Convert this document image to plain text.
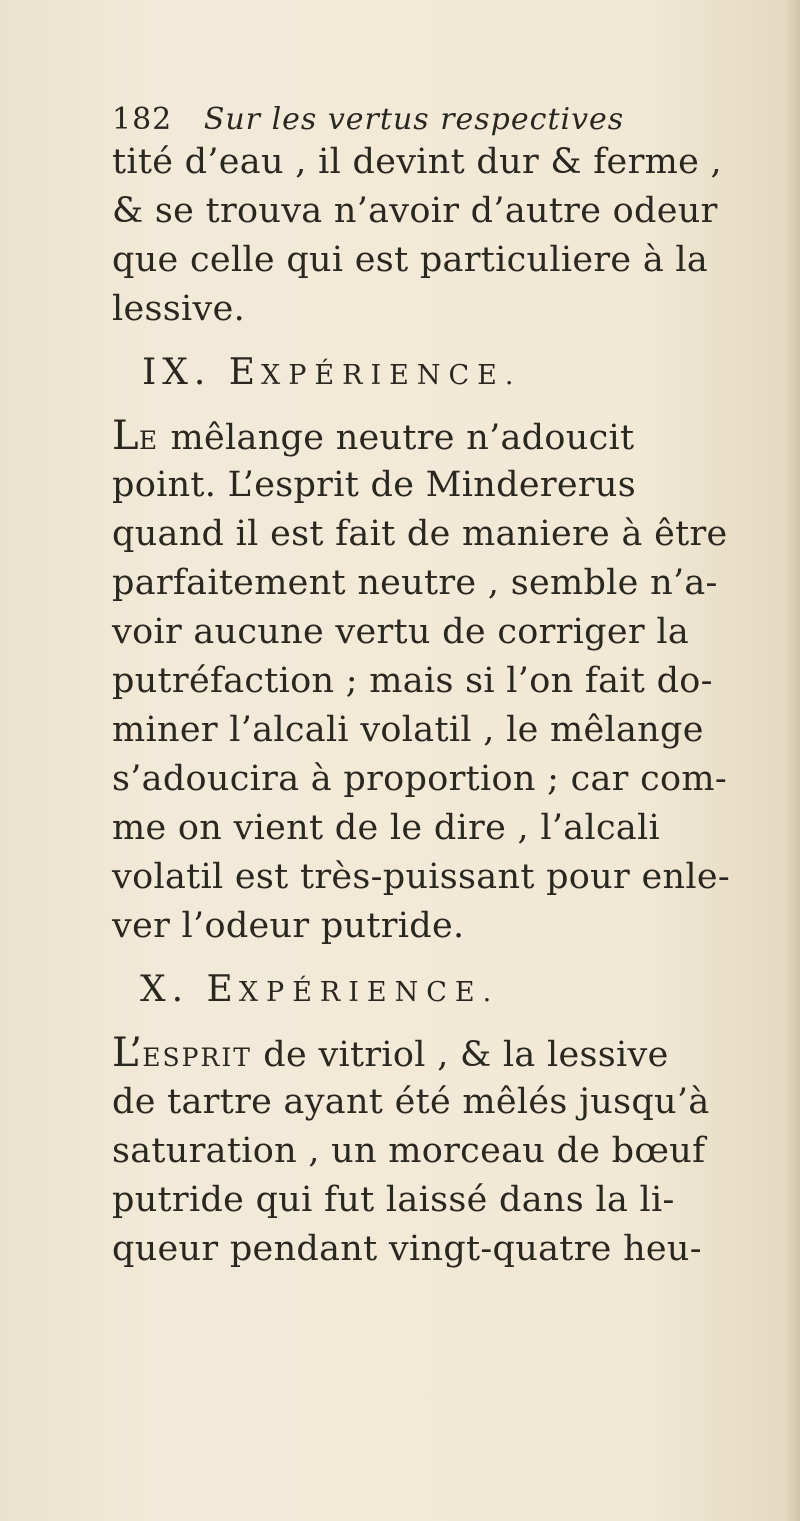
182 Sur les vertus respectives
tité d’eau , il devint dur & ferme ,
& se trouva n’avoir d’autre odeur
que celle qui est particuliere à la
lessive.
IX. EXPÉRIENCE.
LE mêlange neutre n’adoucit
point. L’esprit de Mindererus
quand il est fait de maniere à être
parfaitement neutre , semble n’a-
voir aucune vertu de corriger la
putréfaction ; mais si l’on fait do-
miner l’alcali volatil , le mêlange
s’adoucira à proportion ; car com-
me on vient de le dire , l’alcali
volatil est très-puissant pour enle-
ver l’odeur putride.
X. EXPÉRIENCE.
L’ESPRIT de vitriol , & la lessive
de tartre ayant été mêlés jusqu’à
saturation , un morceau de bœuf
putride qui fut laissé dans la li-
queur pendant vingt-quatre heu-
